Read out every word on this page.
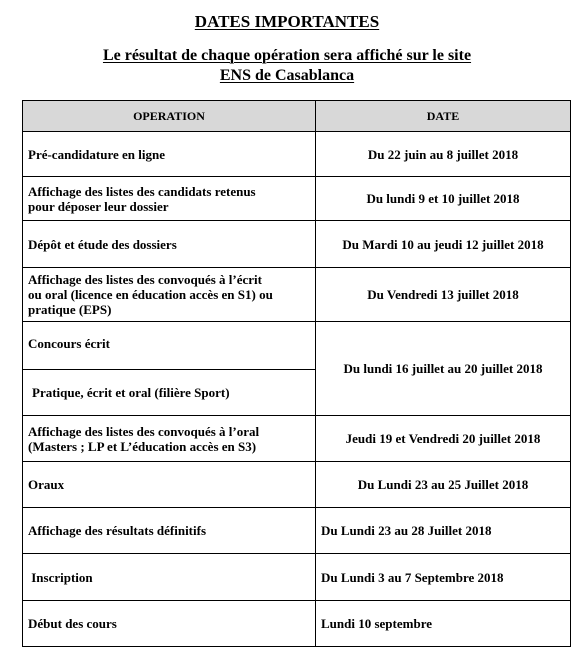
DATES IMPORTANTES
Le résultat de chaque opération sera affiché sur le site
ENS de Casablanca
OPERATION	DATE
Pré-candidature en ligne	Du 22 juin au 8 juillet 2018
Affichage des listes des candidats retenus
pour déposer leur dossier	Du lundi 9 et 10 juillet 2018
Dépôt et étude des dossiers	Du Mardi 10 au jeudi 12 juillet 2018
Affichage des listes des convoqués à l’écrit
ou oral (licence en éducation accès en S1) ou
pratique (EPS)	Du Vendredi 13 juillet 2018
Concours écrit	Du lundi 16 juillet au 20 juillet 2018
Pratique, écrit et oral (filière Sport)	
Affichage des listes des convoqués à l’oral
(Masters ; LP et L’éducation accès en S3)	Jeudi 19 et Vendredi 20 juillet 2018
Oraux	Du Lundi 23 au 25 Juillet 2018
Affichage des résultats définitifs	Du Lundi 23 au 28 Juillet 2018
Inscription	Du Lundi 3 au 7 Septembre 2018
Début des cours	Lundi 10 septembre
